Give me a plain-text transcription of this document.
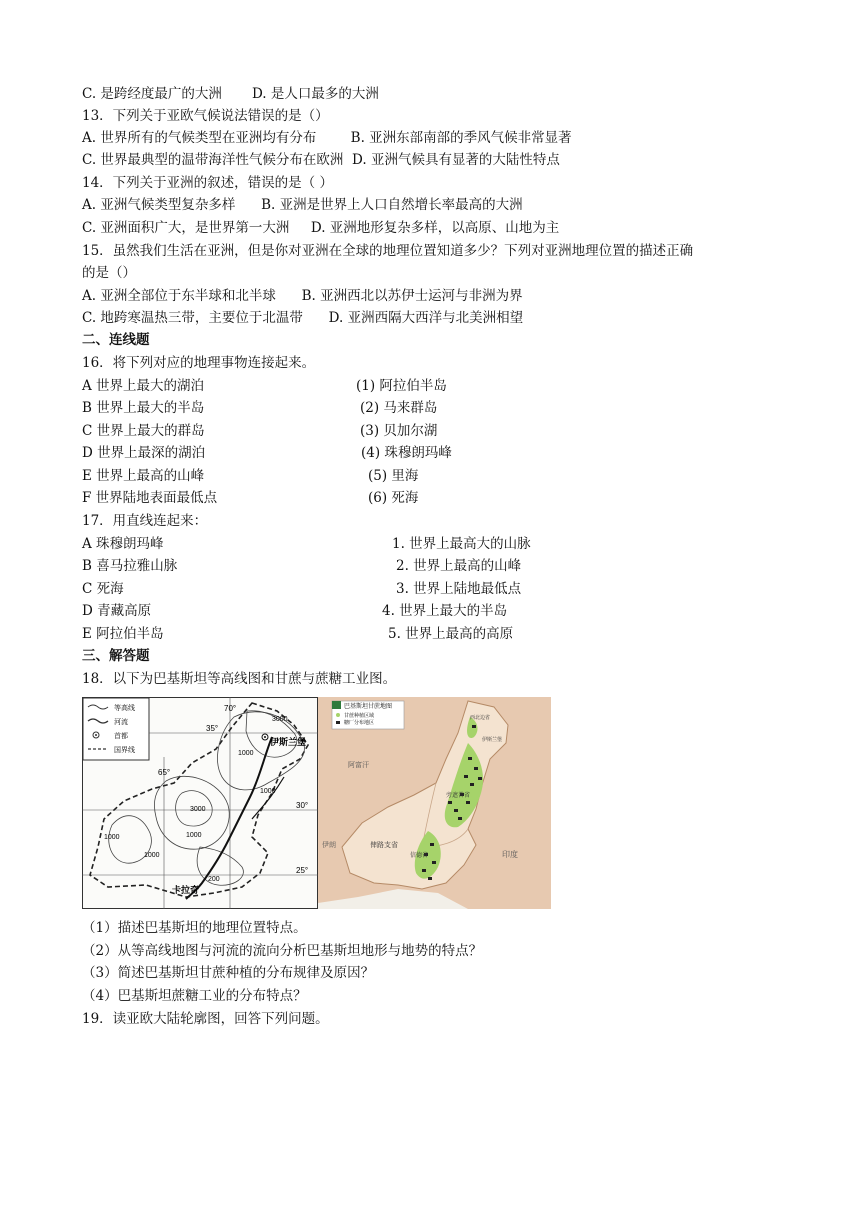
C. 是跨经度最广的大洲       D. 是人口最多的大洲
13．下列关于亚欧气候说法错误的是（）
A. 世界所有的气候类型在亚洲均有分布        B. 亚洲东部南部的季风气候非常显著
C. 世界最典型的温带海洋性气候分布在欧洲  D. 亚洲气候具有显著的大陆性特点
14．下列关于亚洲的叙述，错误的是（ ）
A. 亚洲气候类型复杂多样      B. 亚洲是世界上人口自然增长率最高的大洲
C. 亚洲面积广大，是世界第一大洲     D. 亚洲地形复杂多样，以高原、山地为主
15．虽然我们生活在亚洲，但是你对亚洲在全球的地理位置知道多少？下列对亚洲地理位置的描述正确
的是（）
A. 亚洲全部位于东半球和北半球      B. 亚洲西北以苏伊士运河与非洲为界
C. 地跨寒温热三带，主要位于北温带      D. 亚洲西隔大西洋与北美洲相望
二、连线题
16．将下列对应的地理事物连接起来。
A 世界上最大的湖泊
B 世界上最大的半岛
C 世界上最大的群岛
D 世界上最深的湖泊
E 世界上最高的山峰
F 世界陆地表面最低点
(1) 阿拉伯半岛
(2) 马来群岛
(3) 贝加尔湖
(4) 珠穆朗玛峰
(5) 里海
(6) 死海
17．用直线连起来：
A 珠穆朗玛峰
B 喜马拉雅山脉
C 死海
D 青藏高原
E 阿拉伯半岛
1. 世界上最高大的山脉
2. 世界上最高的山峰
3. 世界上陆地最低点
4. 世界上最大的半岛
5. 世界上最高的高原
三、解答题
18．以下为巴基斯坦等高线图和甘蔗与蔗糖工业图。
等高线
河流
首都
国界线
70°
65°
35°
30°
25°
3000
1000
1000
3000
1000
1000
200
1000
伊斯兰堡
卡拉奇
巴基斯坦甘蔗地图
甘蔗种植区域
糖厂分布地区
阿富汗
伊朗
印度
俾路支省
旁遮普省
信德省
西北边省
伊斯兰堡
（1）描述巴基斯坦的地理位置特点。
（2）从等高线地图与河流的流向分析巴基斯坦地形与地势的特点？
（3）简述巴基斯坦甘蔗种植的分布规律及原因？
（4）巴基斯坦蔗糖工业的分布特点？
19．读亚欧大陆轮廓图，回答下列问题。
